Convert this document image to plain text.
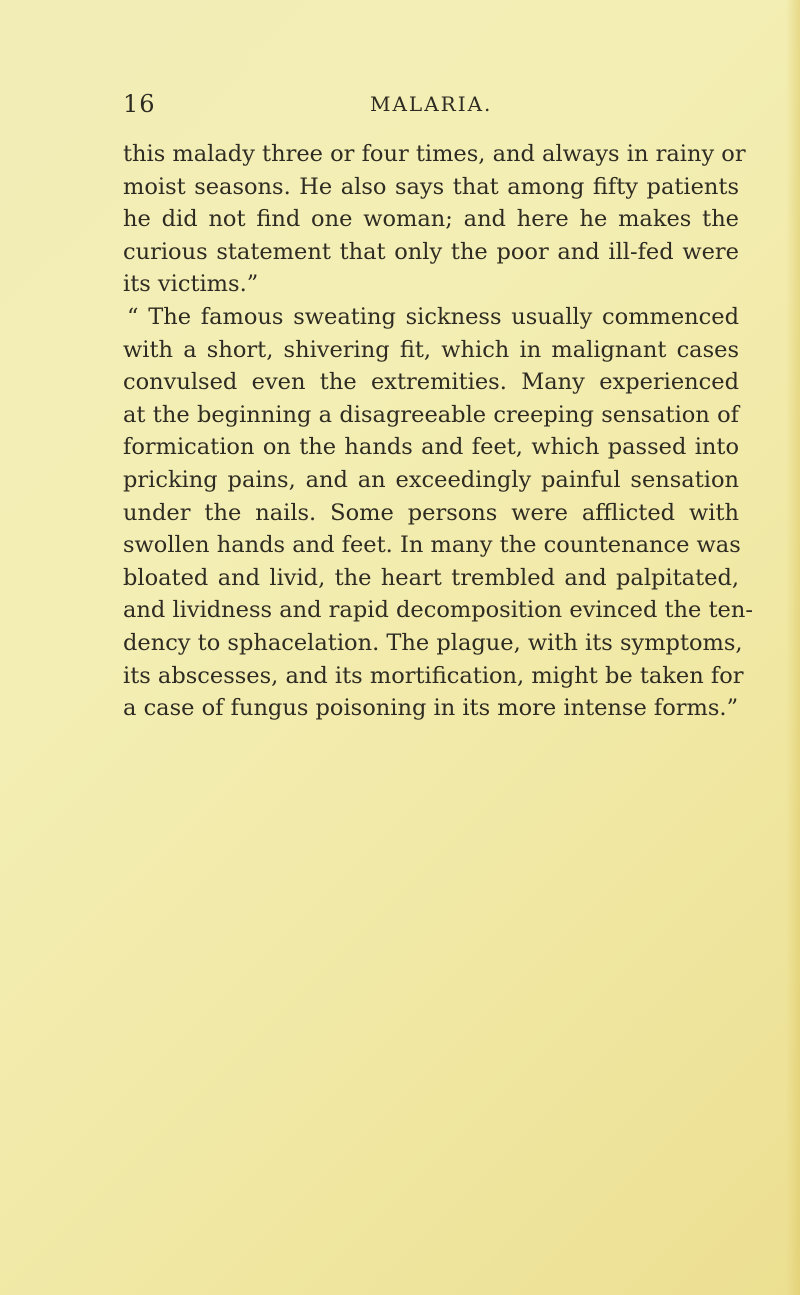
16	MALARIA.
this malady three or four times, and always in rainy or
moist seasons. He also says that among fifty patients
he did not find one woman; and here he makes the
curious statement that only the poor and ill-fed were
its victims.”
“ The famous sweating sickness usually commenced
with a short, shivering fit, which in malignant cases
convulsed even the extremities. Many experienced
at the beginning a disagreeable creeping sensation of
formication on the hands and feet, which passed into
pricking pains, and an exceedingly painful sensation
under the nails. Some persons were afflicted with
swollen hands and feet. In many the countenance was
bloated and livid, the heart trembled and palpitated,
and lividness and rapid decomposition evinced the ten-
dency to sphacelation. The plague, with its symptoms,
its abscesses, and its mortification, might be taken for
a case of fungus poisoning in its more intense forms.”
